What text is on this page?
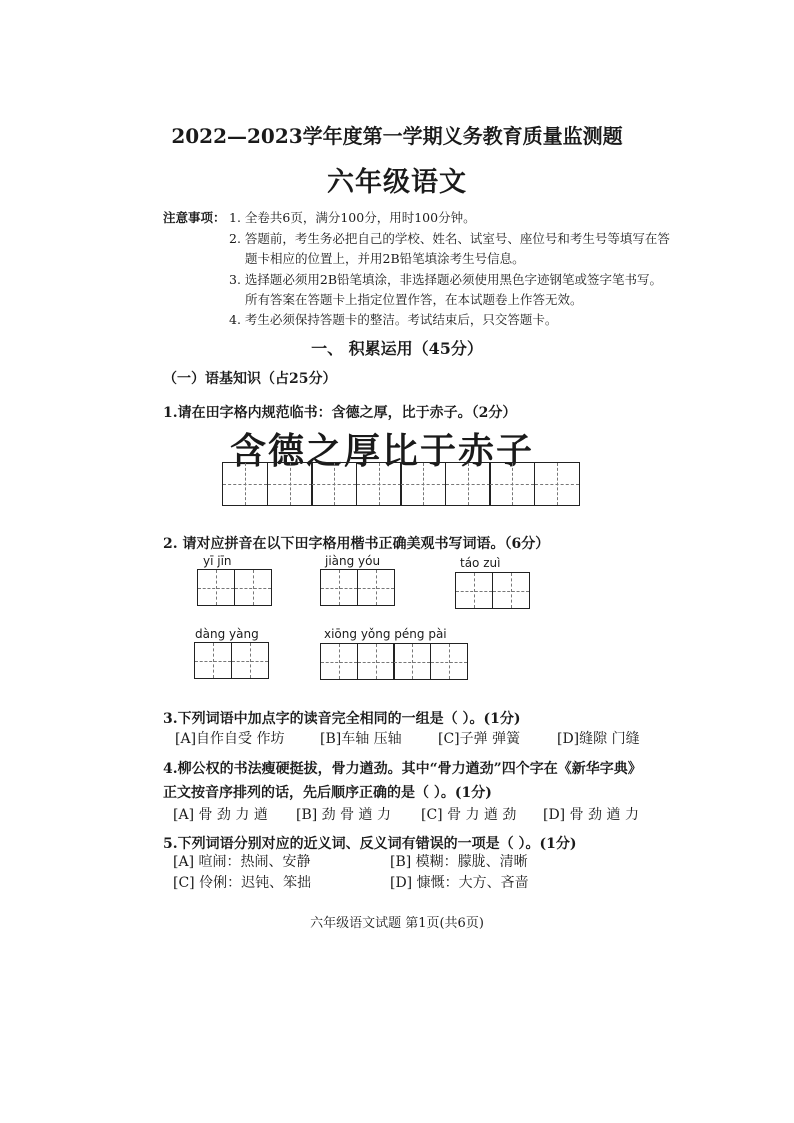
2022—2023学年度第一学期义务教育质量监测题
六年级语文
注意事项： 1. 全卷共6页，满分100分，用时100分钟。
2. 答题前，考生务必把自己的学校、姓名、试室号、座位号和考生号等填写在答
题卡相应的位置上，并用2B铅笔填涂考生号信息。
3. 选择题必须用2B铅笔填涂，非选择题必须使用黑色字迹钢笔或签字笔书写。
所有答案在答题卡上指定位置作答，在本试题卷上作答无效。
4. 考生必须保持答题卡的整洁。考试结束后，只交答题卡。
一、 积累运用（45分）
（一）语基知识（占25分）
1.请在田字格内规范临书：含德之厚，比于赤子。（2分）
含德之厚比于赤子
2. 请对应拼音在以下田字格用楷书正确美观书写词语。（6分）
yī jīn	jiàng yóu	táo zuì
dàng yàng	xiōng yǒng péng pài
3.下列词语中加点字的读音完全相同的一组是（ ）。(1分)
[A]自作自受 作坊	[B]车轴 压轴	[C]子弹 弹簧	[D]缝隙 门缝
4.柳公权的书法瘦硬挺拔，骨力遒劲。其中“骨力遒劲”四个字在《新华字典》
正文按音序排列的话，先后顺序正确的是（ ）。(1分)
[A] 骨 劲 力 遒 [B] 劲 骨 遒 力 [C] 骨 力 遒 劲 [D] 骨 劲 遒 力
5.下列词语分别对应的近义词、反义词有错误的一项是（ ）。(1分)
[A] 喧闹：热闹、安静	[B] 模糊：朦胧、清晰
[C] 伶俐：迟钝、笨拙	[D] 慷慨：大方、吝啬
六年级语文试题 第1页(共6页)
